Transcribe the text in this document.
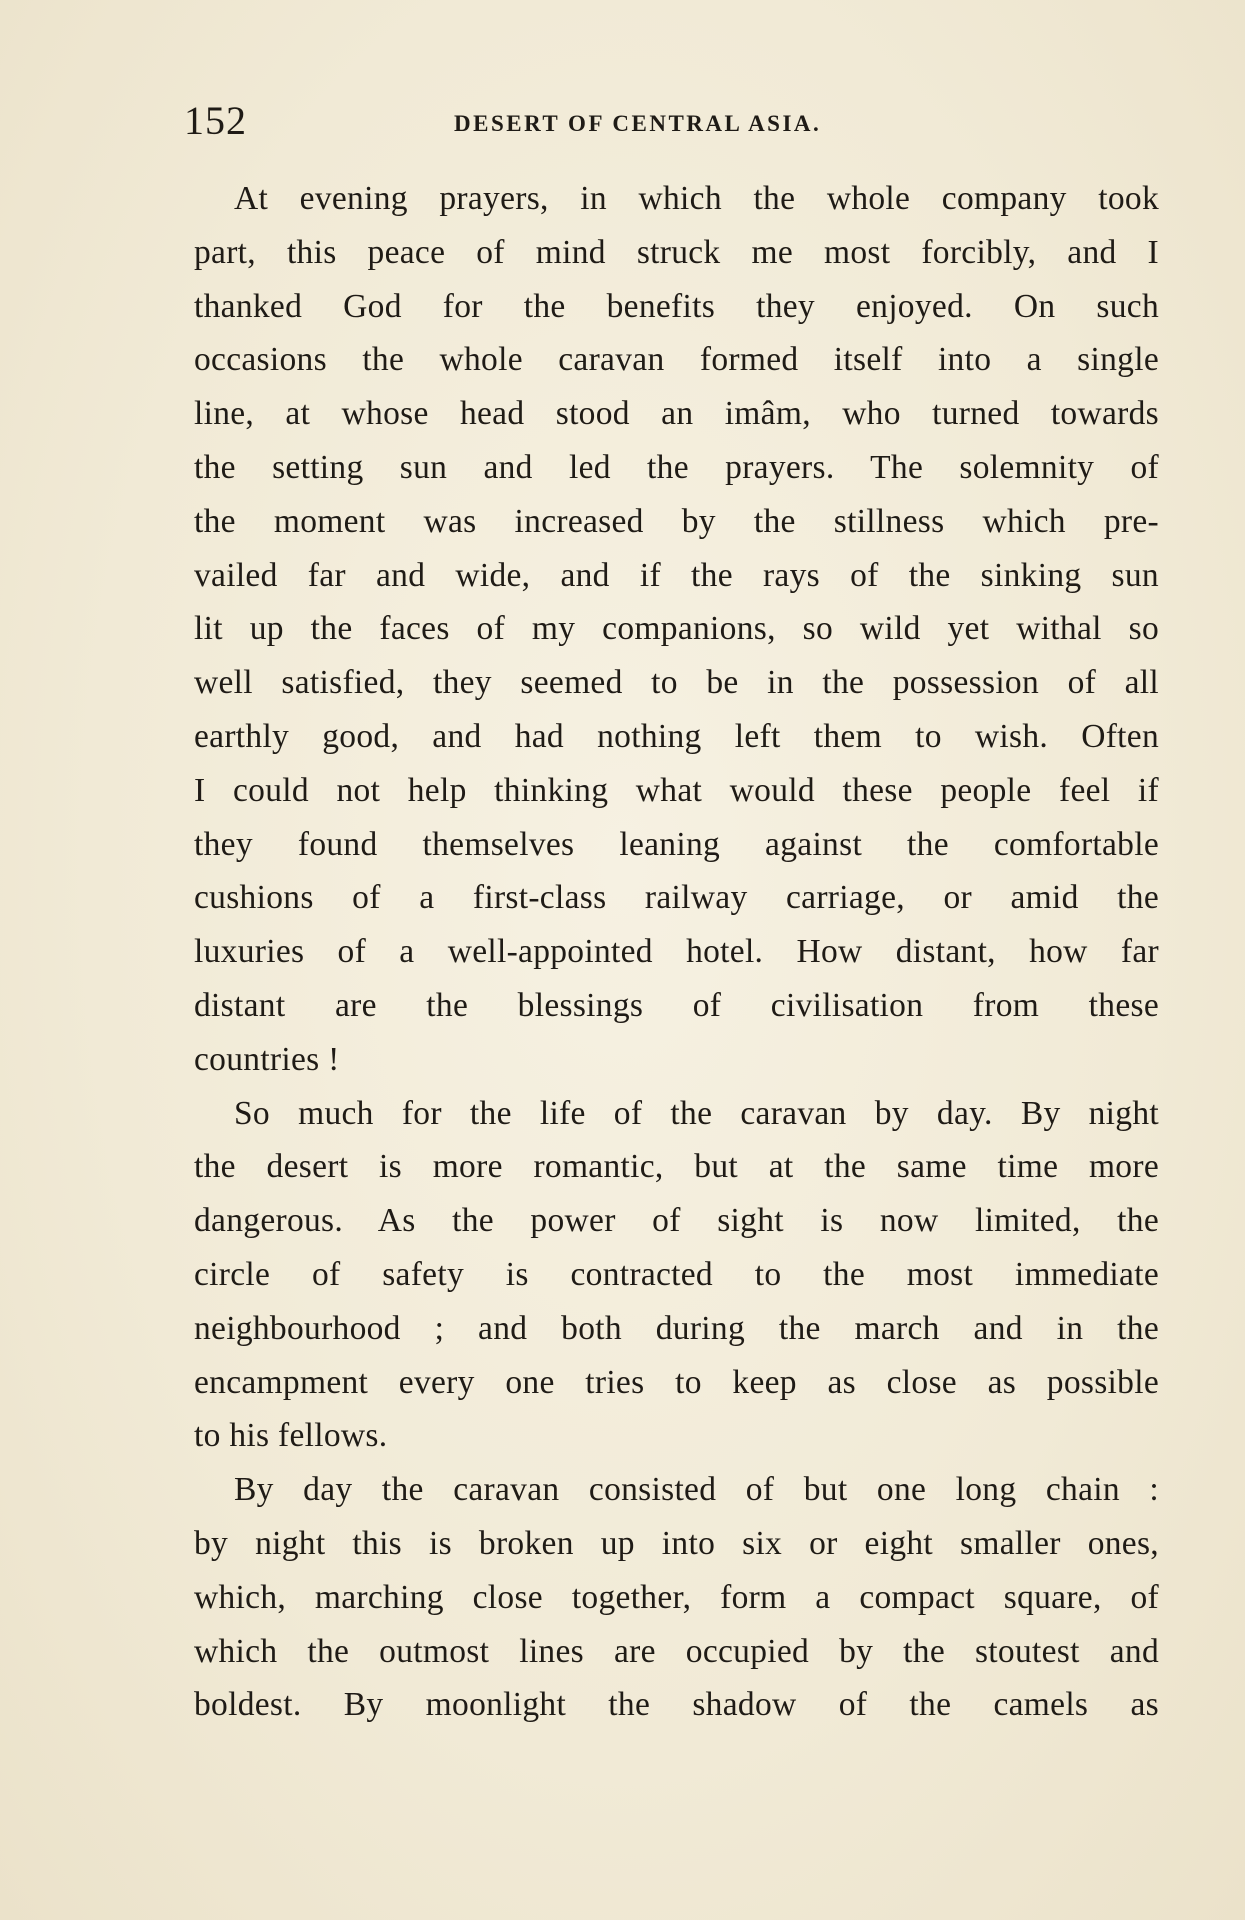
152	DESERT OF CENTRAL ASIA.
At evening prayers, in which the whole company took
part, this peace of mind struck me most forcibly, and I
thanked God for the benefits they enjoyed. On such
occasions the whole caravan formed itself into a single
line, at whose head stood an imâm, who turned towards
the setting sun and led the prayers. The solemnity of
the moment was increased by the stillness which pre-
vailed far and wide, and if the rays of the sinking sun
lit up the faces of my companions, so wild yet withal so
well satisfied, they seemed to be in the possession of all
earthly good, and had nothing left them to wish. Often
I could not help thinking what would these people feel if
they found themselves leaning against the comfortable
cushions of a first-class railway carriage, or amid the
luxuries of a well-appointed hotel. How distant, how far
distant are the blessings of civilisation from these
countries !
So much for the life of the caravan by day. By night
the desert is more romantic, but at the same time more
dangerous. As the power of sight is now limited, the
circle of safety is contracted to the most immediate
neighbourhood ; and both during the march and in the
encampment every one tries to keep as close as possible
to his fellows.
By day the caravan consisted of but one long chain :
by night this is broken up into six or eight smaller ones,
which, marching close together, form a compact square, of
which the outmost lines are occupied by the stoutest and
boldest. By moonlight the shadow of the camels as
